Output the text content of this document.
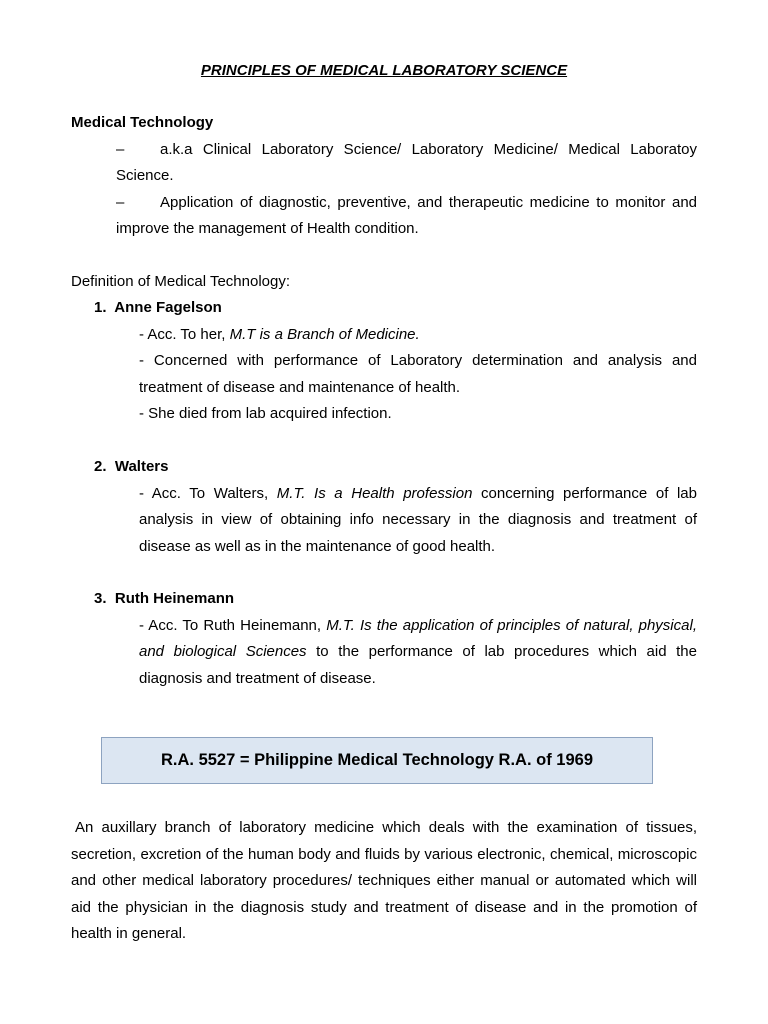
PRINCIPLES OF MEDICAL LABORATORY SCIENCE
Medical Technology
– a.k.a Clinical Laboratory Science/ Laboratory Medicine/ Medical Laboratoy Science.
– Application of diagnostic, preventive, and therapeutic medicine to monitor and improve the management of Health condition.
Definition of Medical Technology:
1. Anne Fagelson
- Acc. To her, M.T is a Branch of Medicine.
- Concerned with performance of Laboratory determination and analysis and treatment of disease and maintenance of health.
- She died from lab acquired infection.
2. Walters
- Acc. To Walters, M.T. Is a Health profession concerning performance of lab analysis in view of obtaining info necessary in the diagnosis and treatment of disease as well as in the maintenance of good health.
3. Ruth Heinemann
- Acc. To Ruth Heinemann, M.T. Is the application of principles of natural, physical, and biological Sciences to the performance of lab procedures which aid the diagnosis and treatment of disease.
R.A. 5527 = Philippine Medical Technology R.A. of 1969
An auxillary branch of laboratory medicine which deals with the examination of tissues, secretion, excretion of the human body and fluids by various electronic, chemical, microscopic and other medical laboratory procedures/ techniques either manual or automated which will aid the physician in the diagnosis study and treatment of disease and in the promotion of health in general.
